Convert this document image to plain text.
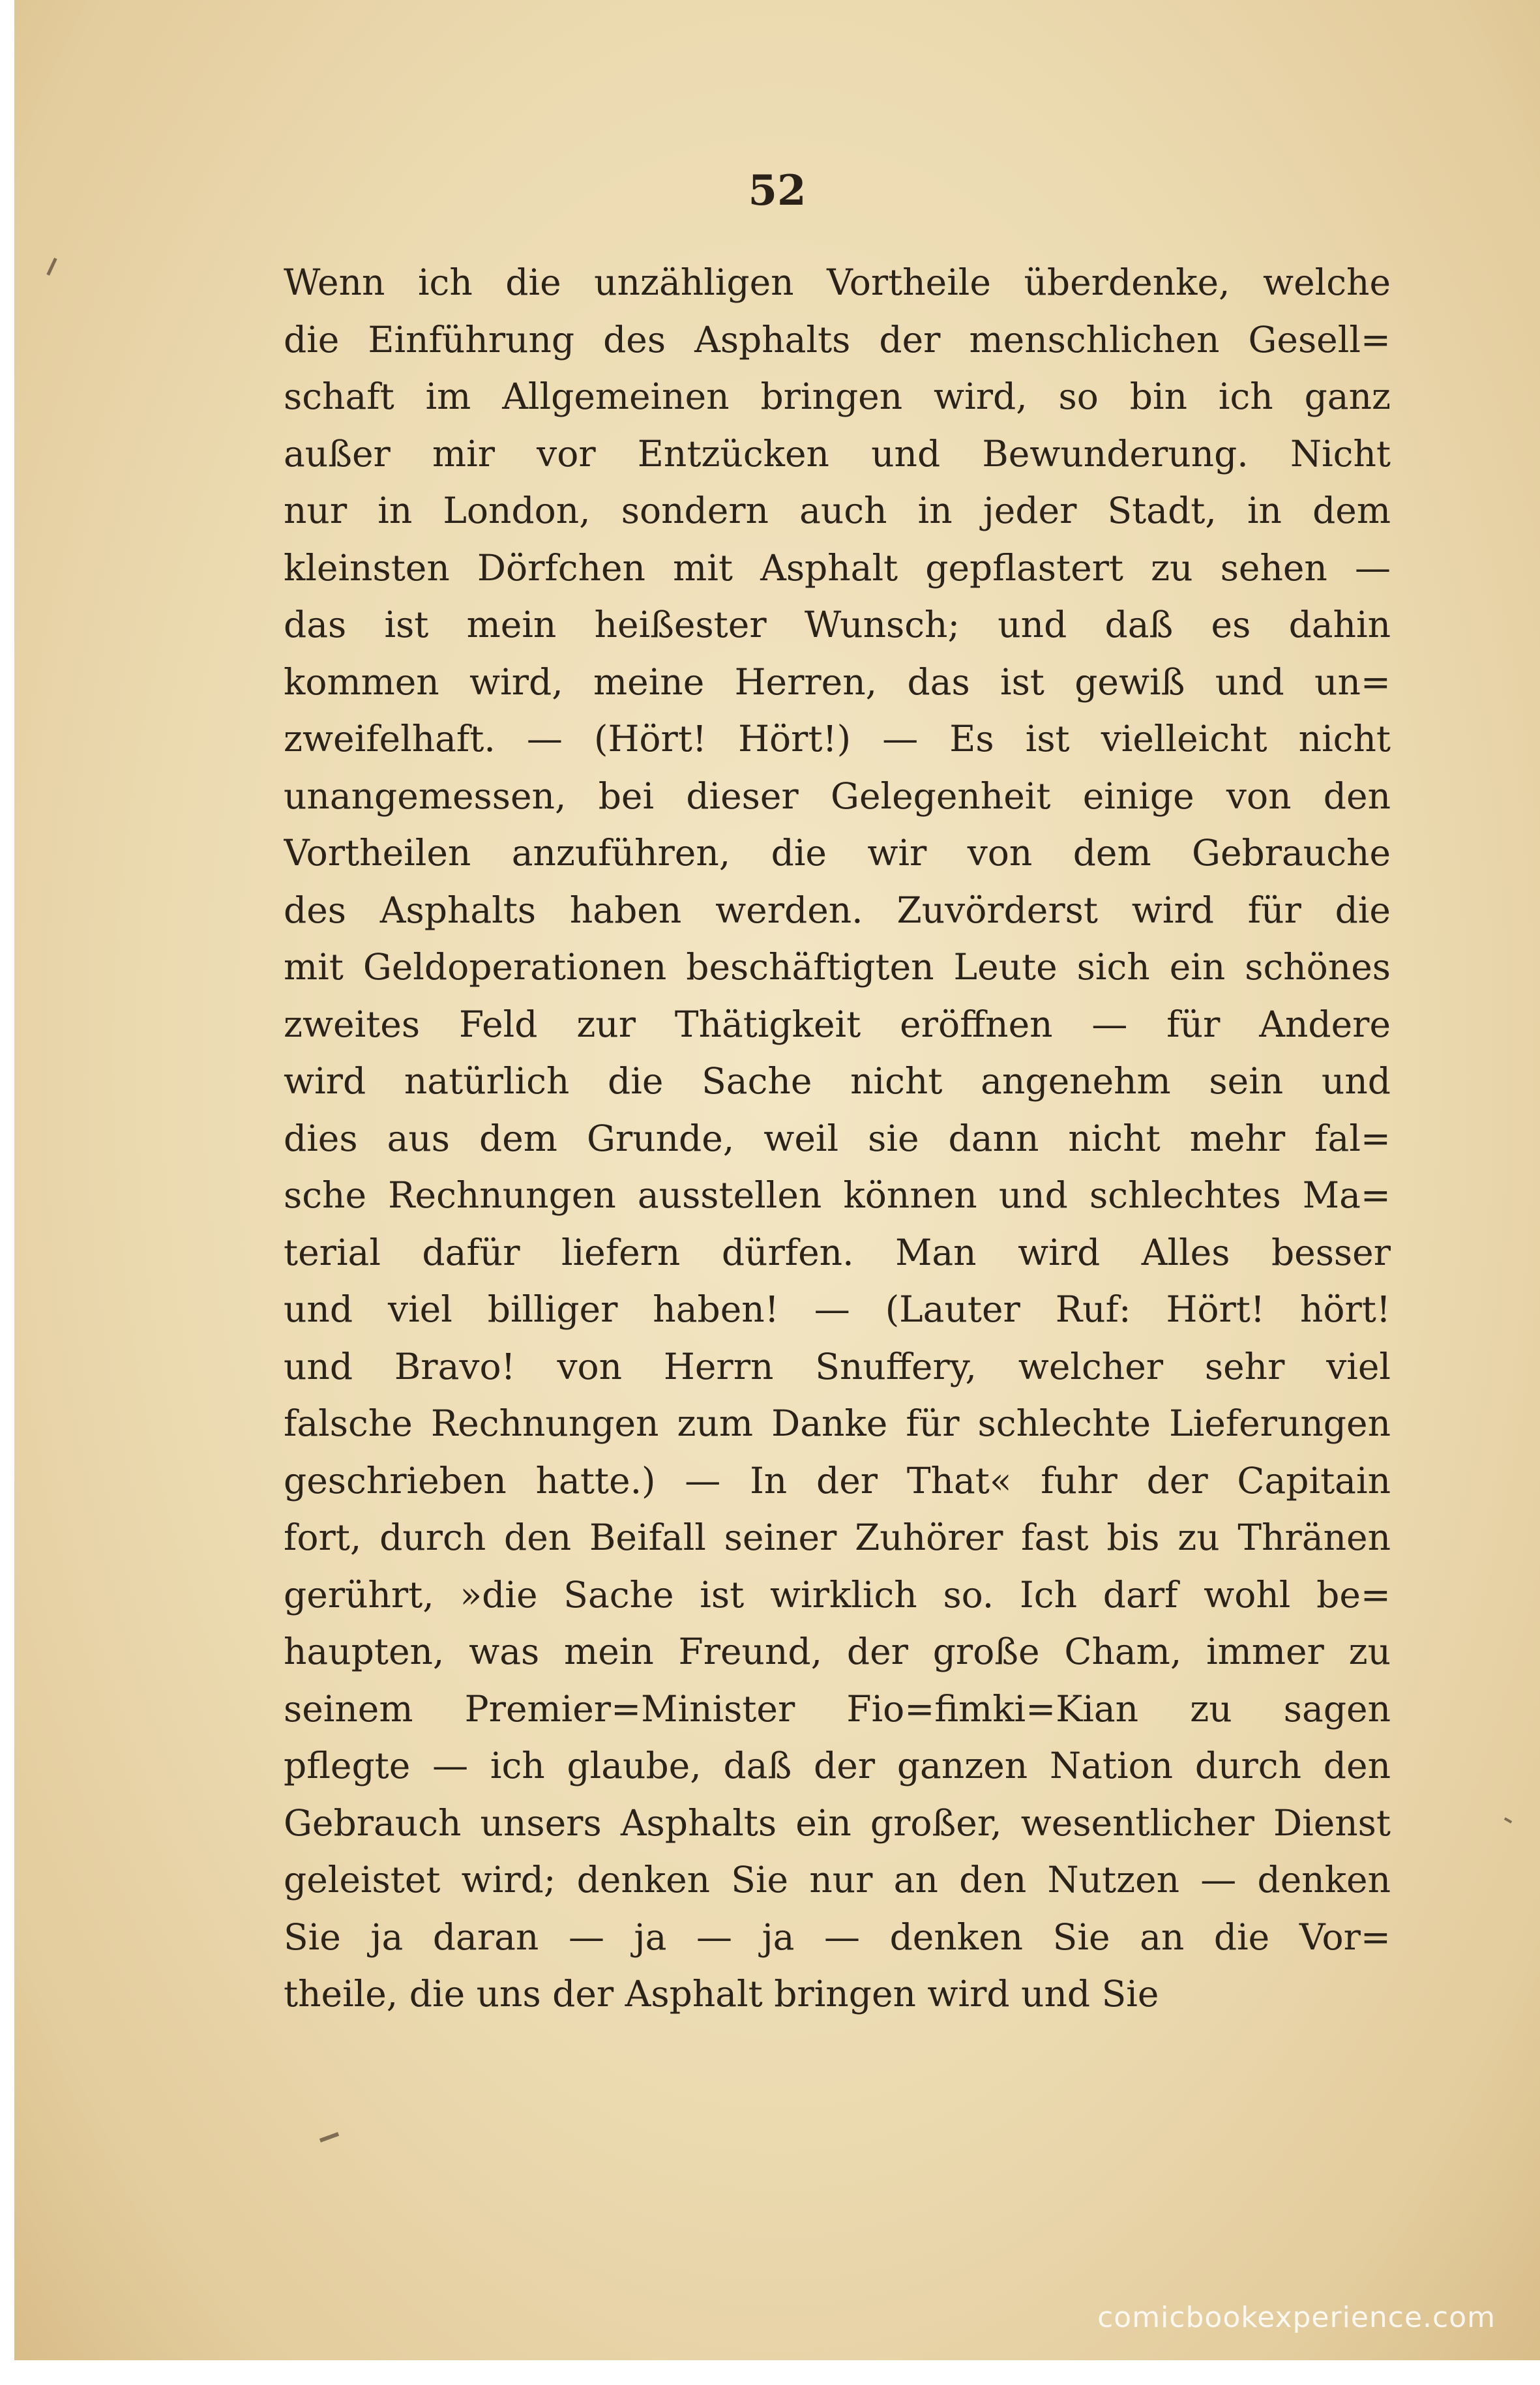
52
Wenn ich die unzähligen Vortheile überdenke, welche
die Einführung des Asphalts der menschlichen Gesell=
schaft im Allgemeinen bringen wird, so bin ich ganz
außer mir vor Entzücken und Bewunderung. Nicht
nur in London, sondern auch in jeder Stadt, in dem
kleinsten Dörfchen mit Asphalt gepflastert zu sehen —
das ist mein heißester Wunsch; und daß es dahin
kommen wird, meine Herren, das ist gewiß und un=
zweifelhaft. — (Hört! Hört!) — Es ist vielleicht nicht
unangemessen, bei dieser Gelegenheit einige von den
Vortheilen anzuführen, die wir von dem Gebrauche
des Asphalts haben werden. Zuvörderst wird für die
mit Geldoperationen beschäftigten Leute sich ein schönes
zweites Feld zur Thätigkeit eröffnen — für Andere
wird natürlich die Sache nicht angenehm sein und
dies aus dem Grunde, weil sie dann nicht mehr fal=
sche Rechnungen ausstellen können und schlechtes Ma=
terial dafür liefern dürfen. Man wird Alles besser
und viel billiger haben! — (Lauter Ruf: Hört! hört!
und Bravo! von Herrn Snuffery, welcher sehr viel
falsche Rechnungen zum Danke für schlechte Lieferungen
geschrieben hatte.) — In der That« fuhr der Capitain
fort, durch den Beifall seiner Zuhörer fast bis zu Thränen
gerührt, »die Sache ist wirklich so. Ich darf wohl be=
haupten, was mein Freund, der große Cham, immer zu
seinem Premier=Minister Fio=fimki=Kian zu sagen
pflegte — ich glaube, daß der ganzen Nation durch den
Gebrauch unsers Asphalts ein großer, wesentlicher Dienst
geleistet wird; denken Sie nur an den Nutzen — denken
Sie ja daran — ja — ja — denken Sie an die Vor=
theile, die uns der Asphalt bringen wird und Sie
comicbookexperience.com
